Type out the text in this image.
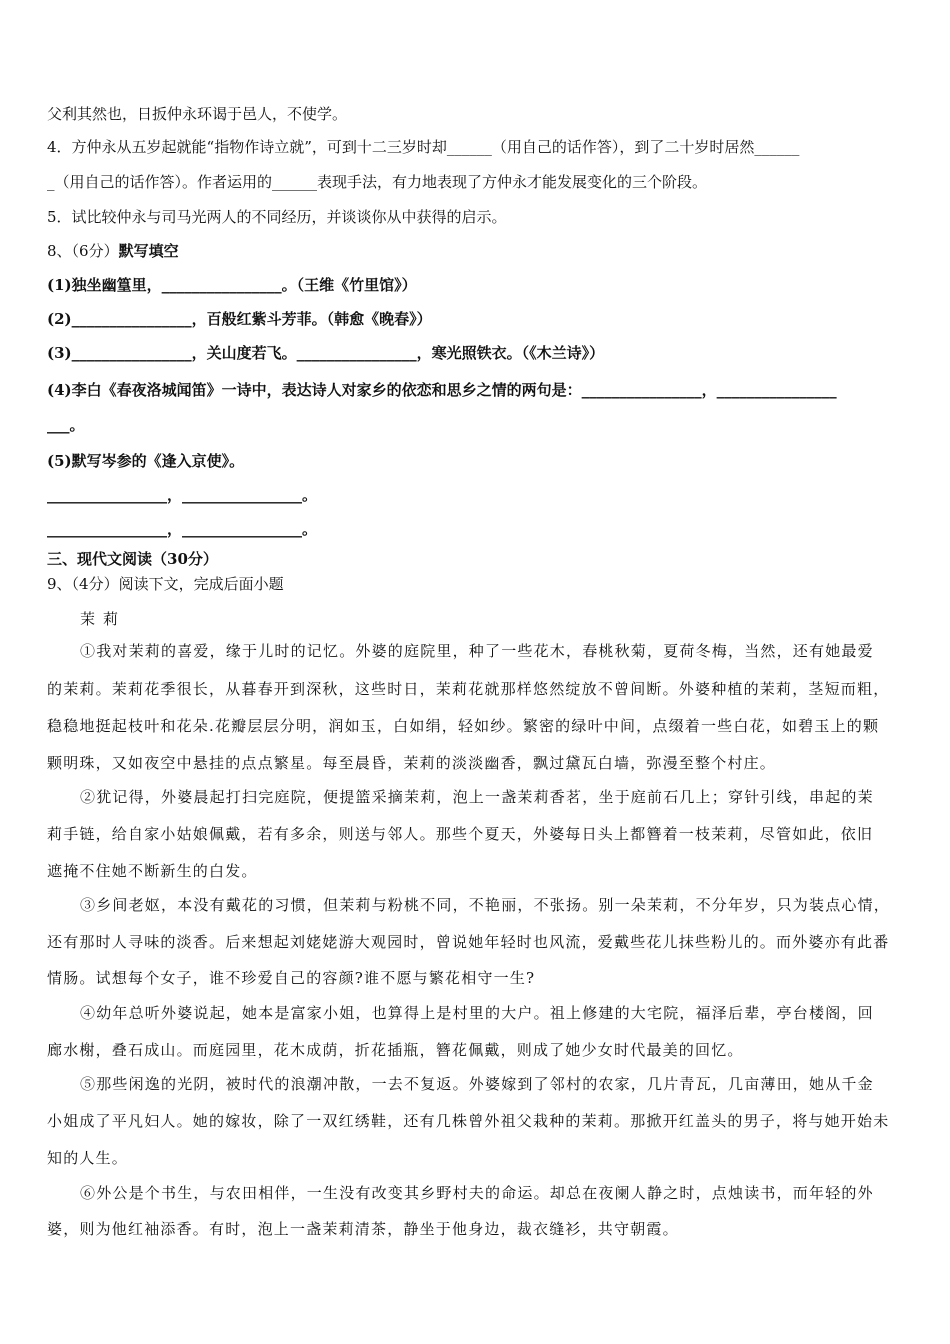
父利其然也，日扳仲永环谒于邑人，不使学。
4．方仲永从五岁起就能“指物作诗立就”，可到十二三岁时却______（用自己的话作答），到了二十岁时居然______
_（用自己的话作答）。作者运用的______表现手法，有力地表现了方仲永才能发展变化的三个阶段。
5．试比较仲永与司马光两人的不同经历，并谈谈你从中获得的启示。
8、（6分）默写填空
(1)独坐幽篁里，________________。（王维《竹里馆》）
(2)________________，百般红紫斗芳菲。（韩愈《晚春》）
(3)________________，关山度若飞。________________，寒光照铁衣。（《木兰诗》）
(4)李白《春夜洛城闻笛》一诗中，表达诗人对家乡的依恋和思乡之情的两句是：________________，________________
___。
(5)默写岑参的《逢入京使》。
________________，________________。
________________，________________。
三、现代文阅读（30分）
9、（4分）阅读下文，完成后面小题
茉莉
①我对茉莉的喜爱，缘于儿时的记忆。外婆的庭院里，种了一些花木，春桃秋菊，夏荷冬梅，当然，还有她最爱
的茉莉。茉莉花季很长，从暮春开到深秋，这些时日，茉莉花就那样悠然绽放不曾间断。外婆种植的茉莉，茎短而粗，
稳稳地挺起枝叶和花朵.花瓣层层分明，润如玉，白如绢，轻如纱。繁密的绿叶中间，点缀着一些白花，如碧玉上的颗
颗明珠，又如夜空中悬挂的点点繁星。每至晨昏，茉莉的淡淡幽香，飘过黛瓦白墙，弥漫至整个村庄。
②犹记得，外婆晨起打扫完庭院，便提篮采摘茉莉，泡上一盏茉莉香茗，坐于庭前石几上；穿针引线，串起的茉
莉手链，给自家小姑娘佩戴，若有多余，则送与邻人。那些个夏天，外婆每日头上都簪着一枝茉莉，尽管如此，依旧
遮掩不住她不断新生的白发。
③乡间老妪，本没有戴花的习惯，但茉莉与粉桃不同，不艳丽，不张扬。别一朵茉莉，不分年岁，只为装点心情，
还有那时人寻味的淡香。后来想起刘姥姥游大观园时，曾说她年轻时也风流，爱戴些花儿抹些粉儿的。而外婆亦有此番
情肠。试想每个女子，谁不珍爱自己的容颜?谁不愿与繁花相守一生?
④幼年总听外婆说起，她本是富家小姐，也算得上是村里的大户。祖上修建的大宅院，福泽后辈，亭台楼阁，回
廊水榭，叠石成山。而庭园里，花木成荫，折花插瓶，簪花佩戴，则成了她少女时代最美的回忆。
⑤那些闲逸的光阴，被时代的浪潮冲散，一去不复返。外婆嫁到了邻村的农家，几片青瓦，几亩薄田，她从千金
小姐成了平凡妇人。她的嫁妆，除了一双红绣鞋，还有几株曾外祖父栽种的茉莉。那掀开红盖头的男子，将与她开始未
知的人生。
⑥外公是个书生，与农田相伴，一生没有改变其乡野村夫的命运。却总在夜阑人静之时，点烛读书，而年轻的外
婆，则为他红袖添香。有时，泡上一盏茉莉清茶，静坐于他身边，裁衣缝衫，共守朝霞。
